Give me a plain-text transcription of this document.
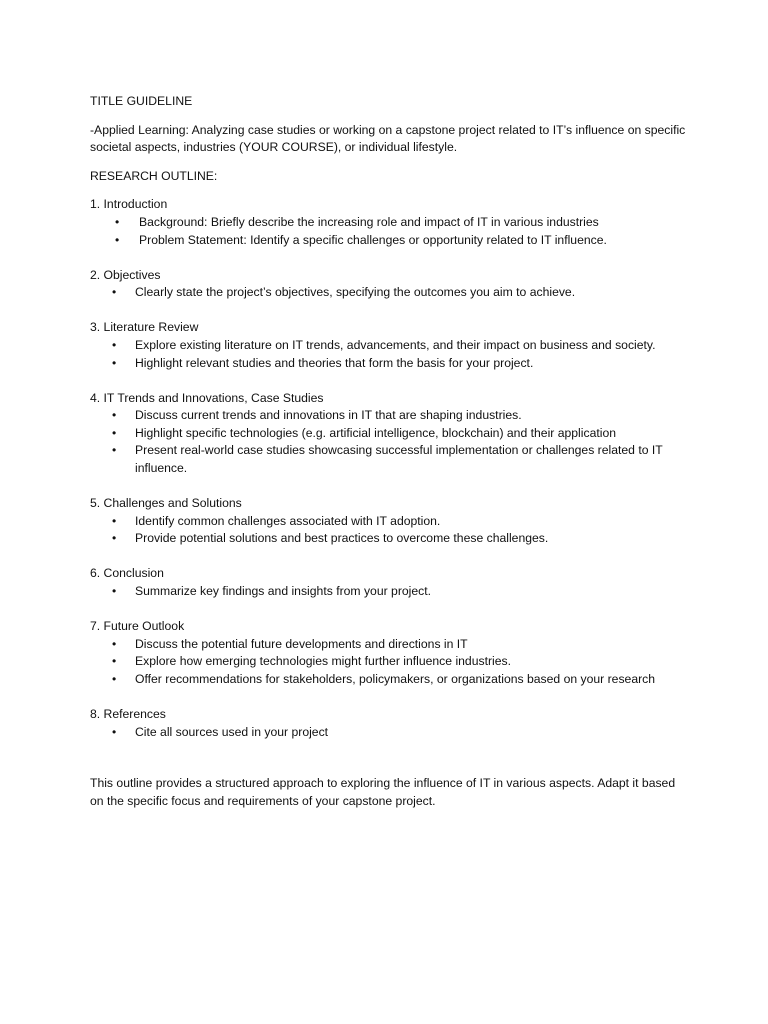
TITLE GUIDELINE

-Applied Learning: Analyzing case studies or working on a capstone project related to IT’s influence on specific societal aspects, industries (YOUR COURSE), or individual lifestyle.

RESEARCH OUTLINE:

1. Introduction

• Background: Briefly describe the increasing role and impact of IT in various industries
• Problem Statement: Identify a specific challenges or opportunity related to IT influence.

2. Objectives

• Clearly state the project’s objectives, specifying the outcomes you aim to achieve.

3. Literature Review

• Explore existing literature on IT trends, advancements, and their impact on business and society.
• Highlight relevant studies and theories that form the basis for your project.

4. IT Trends and Innovations, Case Studies

• Discuss current trends and innovations in IT that are shaping industries.
• Highlight specific technologies (e.g. artificial intelligence, blockchain) and their application
• Present real-world case studies showcasing successful implementation or challenges related to IT influence.

5. Challenges and Solutions

• Identify common challenges associated with IT adoption.
• Provide potential solutions and best practices to overcome these challenges.

6. Conclusion

• Summarize key findings and insights from your project.

7. Future Outlook

• Discuss the potential future developments and directions in IT
• Explore how emerging technologies might further influence industries.
• Offer recommendations for stakeholders, policymakers, or organizations based on your research

8. References

• Cite all sources used in your project

This outline provides a structured approach to exploring the influence of IT in various aspects. Adapt it based on the specific focus and requirements of your capstone project.
